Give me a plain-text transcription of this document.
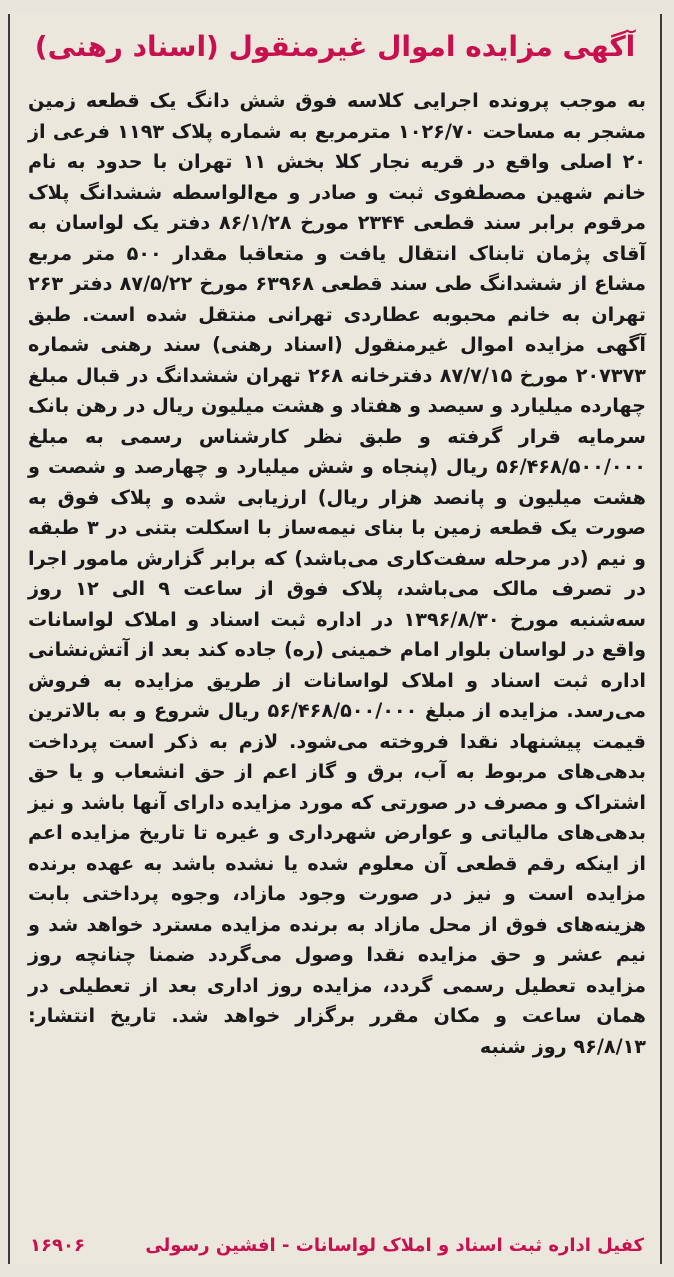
آگهی مزایده اموال غیرمنقول (اسناد رهنی)
به موجب پرونده اجرایی کلاسه فوق شش دانگ یک قطعه زمین مشجر به مساحت ۱۰۲۶/۷۰ مترمربع به شماره پلاک ۱۱۹۳ فرعی از ۲۰ اصلی واقع در قریه نجار کلا بخش ۱۱ تهران با حدود به نام خانم شهین مصطفوی ثبت و صادر و مع‌الواسطه ششدانگ پلاک مرقوم برابر سند قطعی ۲۳۴۴ مورخ ۸۶/۱/۲۸ دفتر یک لواسان به آقای پژمان تابناک انتقال یافت و متعاقبا مقدار ۵۰۰ متر مربع مشاع از ششدانگ طی سند قطعی ۶۳۹۶۸ مورخ ۸۷/۵/۲۲ دفتر ۲۶۳ تهران به خانم محبوبه عطاردی تهرانی منتقل شده است. طبق آگهی مزایده اموال غیرمنقول (اسناد رهنی) سند رهنی شماره ۲۰۷۳۷۳ مورخ ۸۷/۷/۱۵ دفترخانه ۲۶۸ تهران ششدانگ در قبال مبلغ چهارده میلیارد و سیصد و هفتاد و هشت میلیون ریال در رهن بانک سرمایه قرار گرفته و طبق نظر کارشناس رسمی به مبلغ ۵۶/۴۶۸/۵۰۰/۰۰۰ ریال (پنجاه و شش میلیارد و چهارصد و شصت و هشت میلیون و پانصد هزار ریال) ارزیابی شده و پلاک فوق به صورت یک قطعه زمین با بنای نیمه‌ساز با اسکلت بتنی در ۳ طبقه و نیم (در مرحله سفت‌کاری می‌باشد) که برابر گزارش مامور اجرا در تصرف مالک می‌باشد، پلاک فوق از ساعت ۹ الی ۱۲ روز سه‌شنبه مورخ ۱۳۹۶/۸/۳۰ در اداره ثبت اسناد و املاک لواسانات واقع در لواسان بلوار امام خمینی (ره) جاده کند بعد از آتش‌نشانی اداره ثبت اسناد و املاک لواسانات از طریق مزایده به فروش می‌رسد. مزایده از مبلغ ۵۶/۴۶۸/۵۰۰/۰۰۰ ریال شروع و به بالاترین قیمت پیشنهاد نقدا فروخته می‌شود. لازم به ذکر است پرداخت بدهی‌های مربوط به آب، برق و گاز اعم از حق انشعاب و یا حق اشتراک و مصرف در صورتی که مورد مزایده دارای آنها باشد و نیز بدهی‌های مالیاتی و عوارض شهرداری و غیره تا تاریخ مزایده اعم از اینکه رقم قطعی آن معلوم شده یا نشده باشد به عهده برنده مزایده است و نیز در صورت وجود مازاد، وجوه پرداختی بابت هزینه‌های فوق از محل مازاد به برنده مزایده مسترد خواهد شد و نیم عشر و حق مزایده نقدا وصول می‌گردد ضمنا چنانچه روز مزایده تعطیل رسمی گردد، مزایده روز اداری بعد از تعطیلی در همان ساعت و مکان مقرر برگزار خواهد شد. تاریخ انتشار: ۹۶/۸/۱۳ روز شنبه
کفیل اداره ثبت اسناد و املاک لواسانات - افشین رسولی
۱۶۹۰۶
